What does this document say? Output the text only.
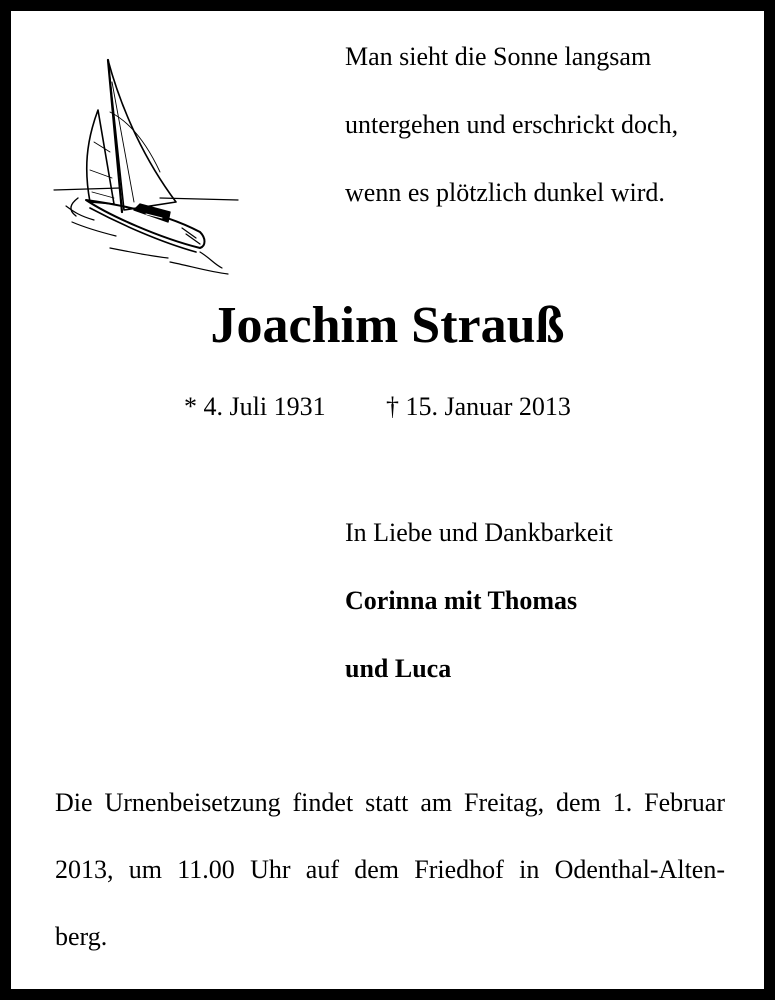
Man sieht die Sonne langsam
untergehen und erschrickt doch,
wenn es plötzlich dunkel wird.
Joachim Strauß
* 4. Juli 1931 † 15. Januar 2013
In Liebe und Dankbarkeit
Corinna mit Thomas
und Luca
Die Urnenbeisetzung findet statt am Freitag, dem 1. Februar
2013, um 11.00 Uhr auf dem Friedhof in Odenthal-Alten-
berg.
